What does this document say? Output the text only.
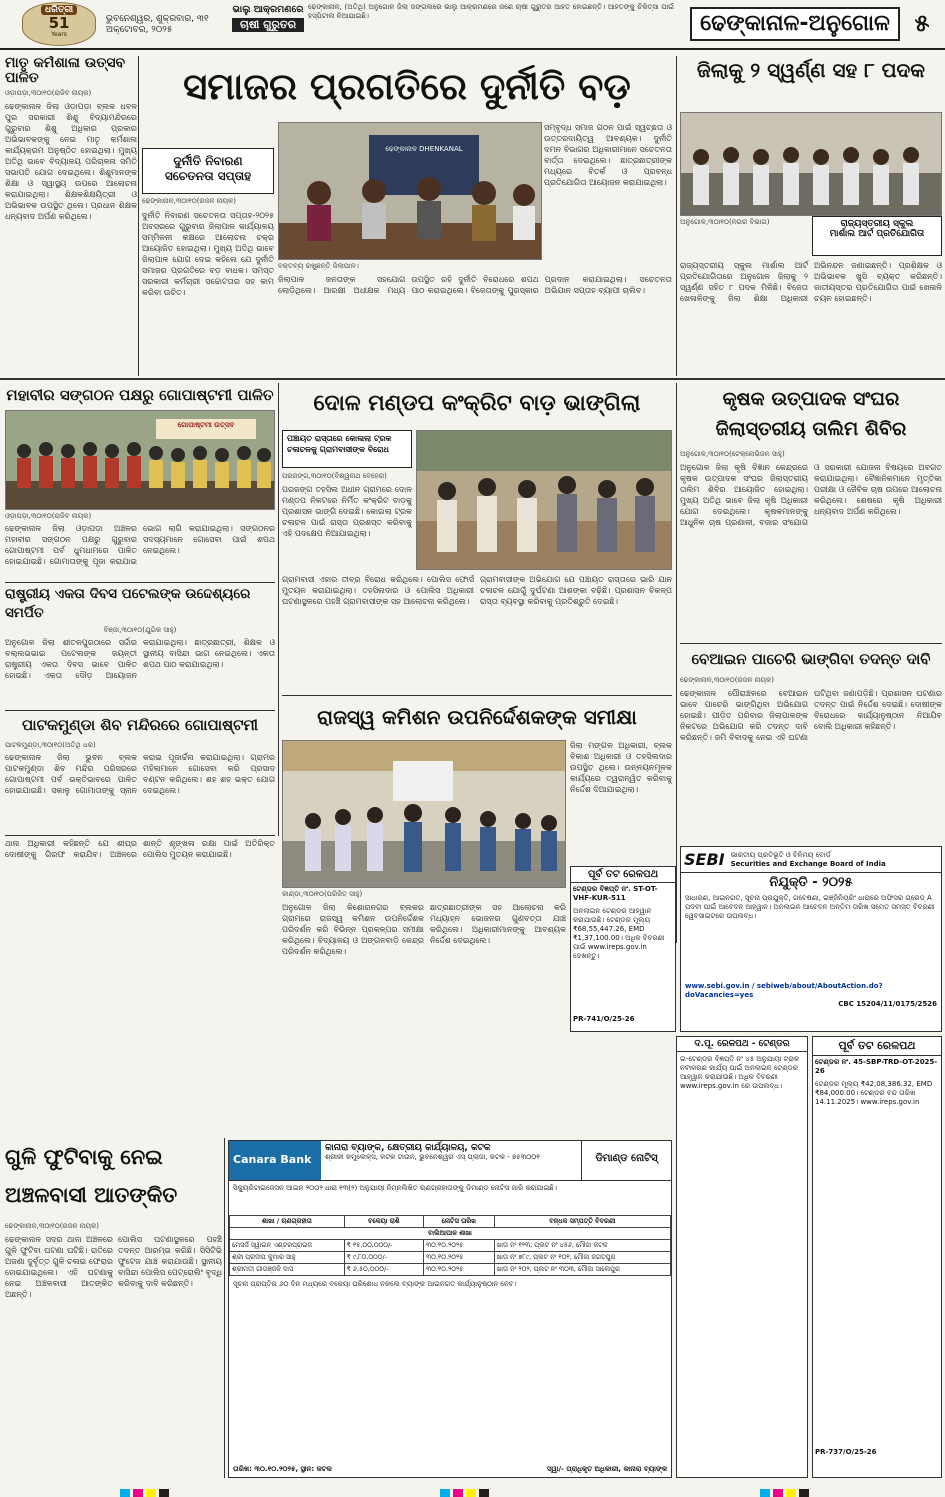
ଧରିତ୍ରୀ
51
Years
ଭୁବନେଶ୍ୱର, ଶୁକ୍ରବାର, ୩୧ ଅକ୍ଟୋବର, ୨୦୨୫
ଭାଲୁ ଆକ୍ରମଣରେ
ଚାଷୀ ଗୁରୁତର
ଢେଙ୍କାନାଳ, (ଅତିଥି) ଅନୁଗୋଳ ଜିଲା ଜଙ୍ଗଲରେ ଭାଲୁ ଆକ୍ରମଣରେ ଜଣେ ଚାଷୀ ଗୁରୁତର ଆହତ ହୋଇଛନ୍ତି। ଆହତଙ୍କୁ ଚିକିତ୍ସା ପାଇଁ ହସ୍ପିଟାଲ ନିଆଯାଇଛି।	ଢେଙ୍କାନାଳ-ଅନୁଗୋଳ	୫
ମାତୃ କର୍ମଶାଳା ଉତ୍ସବ ପାଳିତ
ଓଡ଼ାପଡ଼ା,୩୦ା୧୦(ରାଜିବ ନାୟକ)
ଢେଙ୍କାନାଳ ଜିଲା ଓଡ଼ାପଡ଼ା ବ୍ଲକ ଧବଳ ପୁର ସରକାରୀ ଶିଶୁ ବିଦ୍ୟାମନ୍ଦିରରେ ଗୁରୁବାର ଶିଶୁ ଅଧିକାର ପ୍ରକାର ଅଭିଭାବକଙ୍କୁ ନେଇ ମାତୃ କର୍ମଶାଳା କାର୍ଯ୍ୟକ୍ରମ ଅନୁଷ୍ଠିତ ହୋଇଥିଲା। ମୁଖ୍ୟ ଅତିଥି ଭାବେ ବିଦ୍ୟାଳୟ ପରିଚାଳନା ସମିତି ସଭାପତି ଯୋଗ ଦେଇଥିଲେ। ଶିଶୁମାନଙ୍କ ଶିକ୍ଷା ଓ ସ୍ୱାସ୍ଥ୍ୟ ଉପରେ ଆଲୋଚନା କରାଯାଇଥିଲା। ଶିକ୍ଷକଶିକ୍ଷୟିତ୍ରୀ ଓ ଅଭିଭାବକ ଉପସ୍ଥିତ ଥିଲେ। ପ୍ରଧାନ ଶିକ୍ଷକ ଧନ୍ୟବାଦ ଅର୍ପଣ କରିଥିଲେ।
ସମାଜର ପ୍ରଗତିରେ ଦୁର୍ନୀତି ବଡ଼
ଦୁର୍ନୀତି ନିବାରଣ
ସଚେତନତା ସପ୍ତାହ
ଢେଙ୍କାନାଳ,୩୦ା୧୦(ରଜନ ନାୟକ)
ଦୁର୍ନୀତି ନିବାରଣ ସଚେତନତା ସପ୍ତାହ-୨୦୨୫ ଅବସରରେ ଗୁରୁବାର ଜିଲାପାଳ କାର୍ଯ୍ୟାଳୟ ସମ୍ମିଳନୀ କକ୍ଷରେ ଆଲୋଚନା ଚକ୍ର ଆୟୋଜିତ ହୋଇଥିଲା। ମୁଖ୍ୟ ଅତିଥି ଭାବେ ଜିଲାପାଳ ଯୋଗ ଦେଇ କହିଲେ ଯେ ଦୁର୍ନୀତି ସମାଜର ପ୍ରଗତିରେ ବଡ଼ ବାଧକ। ସମସ୍ତ ସରକାରୀ କର୍ମଚାରୀ ସଚ୍ଚୋଟତାର ସହ କାମ କରିବା ଉଚିତ।
ଢେଙ୍କାନାଳ DHENKANAL
ସମ୍ବୃଦ୍ଧ ସମାଜ ଗଠନ ପାଇଁ ସ୍ୱଚ୍ଛତା ଓ ଉତ୍ତରଦାୟିତ୍ୱ ଆବଶ୍ୟକ। ଦୁର୍ନୀତି ଦମନ ବିଭାଗର ଅଧିକାରୀମାନେ ସଚେତନତା ବାର୍ତ୍ତା ଦେଇଥିଲେ। ଛାତ୍ରଛାତ୍ରୀଙ୍କ ମଧ୍ୟରେ ବିତର୍କ ଓ ପ୍ରବନ୍ଧ ପ୍ରତିଯୋଗିତା ଆୟୋଜନ କରାଯାଇଥିଲା।
ବକ୍ତବ୍ୟ ରଖୁଛନ୍ତି ଜିଲାପାଳ।
ଜିଲାପାଳ ଜନତାଙ୍କ ସହଯୋଗ ଲୋଡ଼ିଥିଲେ। ଆରକ୍ଷୀ ଅଧୀକ୍ଷକ ମଧ୍ୟ ଉପସ୍ଥିତ ରହି ଦୁର୍ନୀତି ବିରୋଧରେ ଶପଥ ପାଠ କରାଇଥିଲେ। ବିଜେତାଙ୍କୁ ପୁରସ୍କାର ପ୍ରଦାନ କରାଯାଇଥିଲା। ସଚେତନତା ଅଭିଯାନ ସପ୍ତାହ ବ୍ୟାପୀ ଚାଲିବ।
ଜିଲାକୁ ୨ ସ୍ୱର୍ଣ୍ଣ ସହ ୮ ପଦକ
ଅନୁଗୋଳ,୩୦ା୧୦(ନଗର ବିଭାଗ)	ରାଜ୍ୟସ୍ତରୀୟ ସ୍କୁଲ
ମାର୍ଶାଲ ଆର୍ଟ ପ୍ରତିଯୋଗିତା
ରାଜ୍ୟସ୍ତରୀୟ ସ୍କୁଲ ମାର୍ଶାଲ ଆର୍ଟ ପ୍ରତିଯୋଗିତାରେ ଅନୁଗୋଳ ଜିଲାକୁ ୨ ସ୍ୱର୍ଣ୍ଣ ସହିତ ୮ ପଦକ ମିଳିଛି। ବିଜେତା ଖେଳାଳିଙ୍କୁ ଜିଲା ଶିକ୍ଷା ଅଧିକାରୀ ଅଭିନନ୍ଦନ ଜଣାଇଛନ୍ତି। ପ୍ରଶିକ୍ଷକ ଓ ଅଭିଭାବକ ଖୁସି ବ୍ୟକ୍ତ କରିଛନ୍ତି। ଜାତୀୟସ୍ତର ପ୍ରତିଯୋଗିତା ପାଇଁ ଖେଳାଳି ଚୟନ ହୋଇଛନ୍ତି।
ମହାବୀର ସଙ୍ଗଠନ ପକ୍ଷରୁ ଗୋପାଷ୍ଟମୀ ପାଳିତ
ଗୋପାଷ୍ଟମୀ ଉତ୍ସବ
ଓଡ଼ାପଡ଼ା,୩୦ା୧୦(ରାଜିବ ନାୟକ)
ଢେଙ୍କାନାଳ ଜିଲା ଓଡ଼ାପଡ଼ା ଅଞ୍ଚଳର ମହାବୀର ସଙ୍ଗଠନ ପକ୍ଷରୁ ଗୁରୁବାର ଗୋପାଷ୍ଟମୀ ପର୍ବ ଧୁମଧାମରେ ପାଳିତ ହୋଇଯାଇଛି। ଗୋମାତାଙ୍କୁ ପୂଜା କରାଯାଇ ଭୋଗ ଲାଗି କରାଯାଇଥିଲା। ସଙ୍ଗଠନର ସଦସ୍ୟମାନେ ଗୋସେବା ପାଇଁ ଶପଥ ନେଇଥିଲେ।
ରାଷ୍ଟ୍ରୀୟ ଏକତା ଦିବସ ପଟେଲଙ୍କ ଉଦ୍ଦେଶ୍ୟରେ ସମର୍ପିତ
ବିଞ୍ଜା,୩୦ା୧୦(ଯୁଗିକ ସାହୁ)
ଅନୁଗୋଳ ଜିଲା ଶୀତଳପୁରଠାରେ ସର୍ଦ୍ଦାର ବଲ୍ଲଭଭାଇ ପଟେଲଙ୍କ ଜୟନ୍ତୀ ରାଷ୍ଟ୍ରୀୟ ଏକତା ଦିବସ ଭାବେ ପାଳିତ ହୋଇଛି। ଏକତା ଦୌଡ଼ ଆୟୋଜନ କରାଯାଇଥିଲା। ଛାତ୍ରଛାତ୍ରୀ, ଶିକ୍ଷକ ଓ ସ୍ଥାନୀୟ ବାସିନ୍ଦା ଭାଗ ନେଇଥିଲେ। ଏକତା ଶପଥ ପାଠ କରାଯାଇଥିଲା।
ପାଟକମୁଣ୍ଡା ଶିବ ମନ୍ଦିରରେ ଗୋପାଷ୍ଟମୀ
ପାଟକମୁଣ୍ଡା,୩୦ା୧୦(ଅତିଥି ଧର)
ଢେଙ୍କାନାଳ ଜିଲା ଭୁବନ ବ୍ଲକ ପାଟକମୁଣ୍ଡା ଶିବ ମନ୍ଦିର ପରିସରରେ ଗୋପାଷ୍ଟମୀ ପର୍ବ ଭକ୍ତିଭାବରେ ପାଳିତ ହୋଇଯାଇଛି। ସକାଳୁ ଗୋମାତାଙ୍କୁ ସ୍ନାନ କରାଇ ପୂଜାର୍ଚ୍ଚନା କରାଯାଇଥିଲା। ଗ୍ରାମର ମହିଳାମାନେ ଗୋସେବା କରି ପ୍ରସାଦ ବଣ୍ଟନ କରିଥିଲେ। ଶହ ଶହ ଭକ୍ତ ଯୋଗ ଦେଇଥିଲେ।
ଦୋଳ ମଣ୍ଡପ କଂକ୍ରିଟ ବାଡ଼ ଭାଙ୍ଗିଲା
ପଞ୍ଚାୟତ ରାସ୍ତାରେ କୋଳାଲା ଟ୍ରକ ଚଳାଚଳକୁ ଗ୍ରାମବାସୀଙ୍କ ବିରୋଧ
ପରଜଙ୍ଗ,୩୦ା୧୦(ବିଶ୍ୱନାଥ ବେହେରା)
ପରଜଙ୍ଗ ତହସିଲ ଅଧୀନ ଗ୍ରାମରେ ଦୋଳ ମଣ୍ଡପ ନିକଟରେ ନିର୍ମିତ କଂକ୍ରିଟ ବାଡ଼କୁ ପ୍ରଶାସନ ଭାଙ୍ଗି ଦେଇଛି। କୋଇଲା ଟ୍ରକ ଚଳାଚଳ ପାଇଁ ରାସ୍ତା ପ୍ରଶସ୍ତ କରିବାକୁ ଏହି ପଦକ୍ଷେପ ନିଆଯାଇଥିଲା।
ଗ୍ରାମବାସୀ ଏହାର ତୀବ୍ର ବିରୋଧ କରିଥିଲେ। ପୋଲିସ ଫୋର୍ସ ମୁତୟନ କରାଯାଇଥିଲା। ତହସିଲଦାର ଓ ପୋଲିସ ଅଧିକାରୀ ଘଟଣାସ୍ଥଳରେ ପହଞ୍ଚି ଗ୍ରାମବାସୀଙ୍କ ସହ ଆଲୋଚନା କରିଥିଲେ।
ଗ୍ରାମବାସୀଙ୍କ ଅଭିଯୋଗ ଯେ ପଞ୍ଚାୟତ ରାସ୍ତାରେ ଭାରି ଯାନ ଚଳାଚଳ ଯୋଗୁଁ ଦୁର୍ଘଟଣା ଆଶଙ୍କା ବଢ଼ିଛି। ପ୍ରଶାସନ ବିକଳ୍ପ ରାସ୍ତା ବ୍ୟବସ୍ଥା କରିବାକୁ ପ୍ରତିଶ୍ରୁତି ଦେଇଛି।
ରାଜସ୍ୱ କମିଶନ ଉପନିର୍ଦ୍ଦେଶକଙ୍କ ସମୀକ୍ଷା
କାଣ୍ଡା,୩୦ା୧୦(ପରିଜିତ ସାହୁ)
ଜିଲା ମଙ୍ଗଳ ଅଧିକାରୀ, ବ୍ଲକ ବିକାଶ ଅଧିକାରୀ ଓ ତହସିଲଦାର ଉପସ୍ଥିତ ଥିଲେ। ଉନ୍ନୟନମୂଳକ କାର୍ଯ୍ୟରେ ତ୍ୱରାନ୍ୱିତ କରିବାକୁ ନିର୍ଦ୍ଦେଶ ଦିଆଯାଇଥିଲା।
ଅନୁଗୋଳ ଜିଲା କିଶୋରନଗର ବ୍ଲକର ଗ୍ରାମରେ ରାଜସ୍ୱ କମିଶନ ଉପନିର୍ଦ୍ଦେଶକ ପରିଦର୍ଶନ କରି ବିଭିନ୍ନ ପ୍ରକଳ୍ପର ସମୀକ୍ଷା କରିଥିଲେ। ବିଦ୍ୟାଳୟ ଓ ଅଙ୍ଗନବାଡ଼ି କେନ୍ଦ୍ର ପରିଦର୍ଶନ କରିଥିଲେ।
ଛାତ୍ରଛାତ୍ରୀଙ୍କ ସହ ଆଲୋଚନା କରି ମଧ୍ୟାହ୍ନ ଭୋଜନର ଗୁଣବତ୍ତା ଯାଞ୍ଚ କରିଥିଲେ। ଅଧିକାରୀମାନଙ୍କୁ ଆବଶ୍ୟକ ନିର୍ଦ୍ଦେଶ ଦେଇଥିଲେ।
କୃଷକ ଉତ୍ପାଦକ ସଂଘର
ଜିଲାସ୍ତରୀୟ ତାଲିମ ଶିବିର
ଅନୁଗୋଳ,୩୦ା୧୦(ଟେକ୍ନୋଭିଜନ ସାହୁ)
ଅନୁଗୋଳ ଜିଲା କୃଷି ବିଜ୍ଞାନ କେନ୍ଦ୍ରରେ କୃଷକ ଉତ୍ପାଦକ ସଂଘର ଜିଲାସ୍ତରୀୟ ତାଲିମ ଶିବିର ଆୟୋଜିତ ହୋଇଥିଲା। ମୁଖ୍ୟ ଅତିଥି ଭାବେ ଜିଲା କୃଷି ଅଧିକାରୀ ଯୋଗ ଦେଇଥିଲେ। କୃଷକମାନଙ୍କୁ ଆଧୁନିକ ଚାଷ ପ୍ରଣାଳୀ, ବଜାର ସଂଯୋଗ ଓ ସରକାରୀ ଯୋଜନା ବିଷୟରେ ଅବଗତ କରାଯାଇଥିଲା। ବୈଜ୍ଞାନିକମାନେ ମୃତ୍ତିକା ପରୀକ୍ଷା ଓ ଜୈବିକ ଚାଷ ଉପରେ ଆଲୋଚନା କରିଥିଲେ। ଶେଷରେ କୃଷି ଅଧିକାରୀ ଧନ୍ୟବାଦ ଅର୍ପଣ କରିଥିଲେ।
ବେଆଇନ ପାଚେରି ଭାଙ୍ଗିବା ତଦନ୍ତ ଦାବି
ଢେଙ୍କାନାଳ,୩୦ା୧୦(ରଜନ ନାୟକ)
ଢେଙ୍କାନାଳ ପୌରାଞ୍ଚଳରେ ବେଆଇନ ଭାବେ ପାଚେରି ଭାଙ୍ଗିଥିବା ଅଭିଯୋଗ ହୋଇଛି। ପୀଡ଼ିତ ପରିବାର ଜିଲାପାଳଙ୍କ ନିକଟରେ ଅଭିଯୋଗ କରି ତଦନ୍ତ ଦାବି କରିଛନ୍ତି। ଜମି ବିବାଦକୁ ନେଇ ଏହି ଘଟଣା ଘଟିଥିବା ଜଣାପଡ଼ିଛି। ପ୍ରଶାସନ ଘଟଣାର ତଦନ୍ତ ପାଇଁ ନିର୍ଦ୍ଦେଶ ଦେଇଛି। ଦୋଷୀଙ୍କ ବିରୋଧରେ କାର୍ଯ୍ୟାନୁଷ୍ଠାନ ନିଆଯିବ ବୋଲି ଅଧିକାରୀ କହିଛନ୍ତି।
ଗୁଳି ଫୁଟିବାକୁ ନେଇ
ଅଞ୍ଚଳବାସୀ ଆତଙ୍କିତ
ଥାନା ଅଧିକାରୀ କହିଛନ୍ତି ଯେ ଶୀଘ୍ର ଦୋଷୀଙ୍କୁ ଗିରଫ କରାଯିବ। ଅଞ୍ଚଳରେ ଶାନ୍ତି ଶୃଙ୍ଖଳା ରକ୍ଷା ପାଇଁ ଅତିରିକ୍ତ ପୋଲିସ ମୁତୟନ କରାଯାଇଛି।
ଢେଙ୍କାନାଳ,୩୦ା୧୦(ରଜନ ନାୟକ)
ଢେଙ୍କାନାଳ ସଦର ଥାନା ଅଞ୍ଚଳରେ ଗୁଳି ଫୁଟିବା ଘଟଣା ଘଟିଛି। ରାତିରେ ଅଜଣା ଦୁର୍ବୃତ୍ତ ଗୁଳି ଚଳାଇ ଫେରାର ହୋଇଯାଇଥିଲେ। ଏହି ଘଟଣାକୁ ନେଇ ଅଞ୍ଚଳବାସୀ ଆତଙ୍କିତ ଅଛନ୍ତି।
ପୋଲିସ ଘଟଣାସ୍ଥଳରେ ପହଞ୍ଚି ତଦନ୍ତ ଆରମ୍ଭ କରିଛି। ସିସିଟିଭି ଫୁଟେଜ ଯାଞ୍ଚ କରାଯାଉଛି। ସ୍ଥାନୀୟ ବାସିନ୍ଦା ପୋଲିସ ପେଟ୍ରୋଲିଂ ବୃଦ୍ଧି କରିବାକୁ ଦାବି କରିଛନ୍ତି।
ପୂର୍ବ ତଟ ରେଳପଥ
ଟେଣ୍ଡର ବିଜ୍ଞପ୍ତି ନଂ. ST-OT-VHF-KUR-511
ଅନଲାଇନ ଟେଣ୍ଡର ଆହ୍ୱାନ କରାଯାଉଛି। ଟେଣ୍ଡର ମୂଲ୍ୟ ₹68,55,447.26, EMD ₹1,37,100.00। ଅଧିକ ବିବରଣୀ ପାଇଁ www.ireps.gov.in ଦେଖନ୍ତୁ।
PR-741/O/25-26
SEBI ଭାରତୀୟ ପ୍ରତିଭୂତି ଓ ବିନିମୟ ବୋର୍ଡ
Securities and Exchange Board of India
ନିଯୁକ୍ତି - ୨୦୨୫
ସାଧାରଣ, ଆଇନଗତ, ସୂଚନା ପ୍ରଯୁକ୍ତି, ଗବେଷଣା, ଇଞ୍ଜିନିୟରିଂ ଧାରାରେ ଅଫିସର ଗ୍ରେଡ୍ A ପଦବୀ ପାଇଁ ଆବେଦନ ଆହ୍ୱାନ। ଅନଲାଇନ ଆବେଦନ ଅନ୍ତିମ ତାରିଖ ସମେତ ସମସ୍ତ ବିବରଣୀ ୱେବସାଇଟରେ ଉପଲବ୍ଧ।
www.sebi.gov.in / sebiweb/about/AboutAction.do?doVacancies=yes
CBC 15204/11/0175/2526
Canara Bank
କାନାରା ବ୍ୟାଙ୍କ, କ୍ଷେତ୍ରୀୟ କାର୍ଯ୍ୟାଳୟ, କଟକ
ଶ୍ରୀକୀ କମ୍ପ୍ଲେକ୍ସ, କଟକ ଟାଉନ, ଭୁବନେଶ୍ୱର ଏସ୍ ପ୍ଲାଜା, କଟକ - ୭୫୩୦୦୧	ଡିମାଣ୍ଡ ନୋଟିସ୍
ସିକ୍ୟୁରିଟାଇଜେସନ ଆଇନ ୨୦୦୨ ଧାରା ୧୩(୨) ଅନୁଯାୟୀ ନିମ୍ନଲିଖିତ ଋଣଗ୍ରହୀତାଙ୍କୁ ଡିମାଣ୍ଡ ନୋଟିସ ଜାରି କରାଯାଇଛି।
ଶାଖା / ଋଣଗ୍ରହୀତା	ବକେୟା ରାଶି	ନୋଟିସ ତାରିଖ	ବନ୍ଧକ ସମ୍ପତ୍ତି ବିବରଣୀ
ବାଲିଆପାଳ ଶାଖା			
ମେସର୍ସ ସ୍ୱାଇନ ଏଣ୍ଟରପ୍ରାଇଜ	₹ ୧୫,୦୦,୦୦୦/-	୩୦.୧୦.୨୦୨୫	ଖାତା ନଂ ୧୨୩, ପ୍ଲଟ ନଂ ୪୫୬, ମୌଜା କଟକ
ଶ୍ରୀ ପ୍ରଦୀପ କୁମାର ସାହୁ	₹ ୯,୮୦,୦୦୦/-	୩୦.୧୦.୨୦୨୫	ଖାତା ନଂ ୭୮୯, ପ୍ଲଟ ନଂ ୧୦୧, ମୌଜା ଜଗତପୁର
ଶ୍ରୀମତୀ ଗୀତାଞ୍ଜଳି ଦାସ	₹ ୬,୫୦,୦୦୦/-	୩୦.୧୦.୨୦୨୫	ଖାତା ନଂ ୨୦୨, ପ୍ଲଟ ନଂ ୩୦୩, ମୌଜା ସାଲେପୁର
ସୂଚନା ପ୍ରାପ୍ତିର ୬୦ ଦିନ ମଧ୍ୟରେ ବକେୟା ପରିଶୋଧ ନକଲେ ବ୍ୟାଙ୍କ ଆଇନଗତ କାର୍ଯ୍ୟାନୁଷ୍ଠାନ ନେବ।
ତାରିଖ: ୩୦.୧୦.୨୦୨୫, ସ୍ଥାନ: କଟକ	ସ୍ୱା/- ପ୍ରାଧିକୃତ ଅଧିକାରୀ, କାନାରା ବ୍ୟାଙ୍କ
ଦ.ପୂ. ରେଳପଥ - ଟେଣ୍ଡର
ଇ-ଟେଣ୍ଡର ବିଜ୍ଞପ୍ତି ନଂ ୪୫ ଅନୁଯାୟୀ ଟ୍ରାକ ନବୀକରଣ କାର୍ଯ୍ୟ ପାଇଁ ଅନଲାଇନ ଟେଣ୍ଡର ଆହ୍ୱାନ କରାଯାଉଛି। ଅଧିକ ବିବରଣୀ www.ireps.gov.in ରେ ଉପଲବ୍ଧ।
ପୂର୍ବ ତଟ ରେଳପଥ
ଟେଣ୍ଡର ନଂ. 45-SBP-TRD-OT-2025-26
ଟେଣ୍ଡର ମୂଲ୍ୟ ₹42,08,386.32, EMD ₹84,000.00। ଟେଣ୍ଡର ବନ୍ଦ ତାରିଖ 14.11.2025। www.ireps.gov.in
PR-737/O/25-26
